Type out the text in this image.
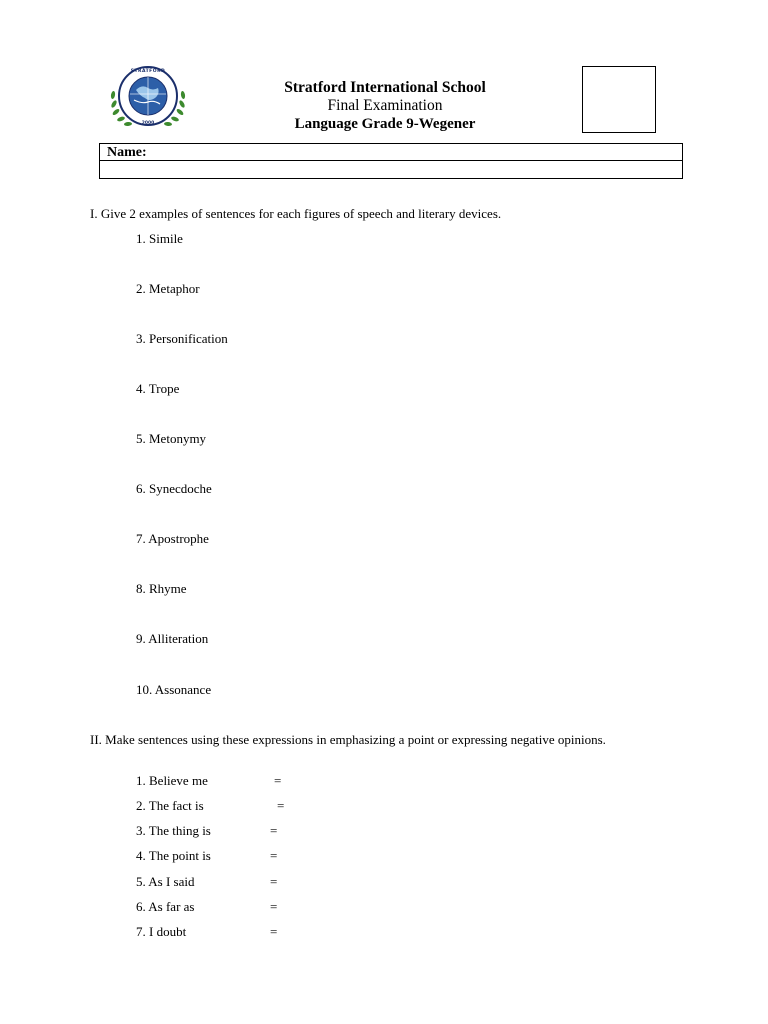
STRATFORD
2000
Stratford International School
Final Examination
Language Grade 9-Wegener
Name:
I. Give 2 examples of sentences for each figures of speech and literary devices.
1. Simile
2. Metaphor
3. Personification
4. Trope
5. Metonymy
6. Synecdoche
7. Apostrophe
8. Rhyme
9. Alliteration
10. Assonance
II. Make sentences using these expressions in emphasizing a point or expressing negative opinions.
1. Believe me	=
2. The fact is	=
3. The thing is	=
4. The point is	=
5. As I said	=
6. As far as	=
7. I doubt	=
